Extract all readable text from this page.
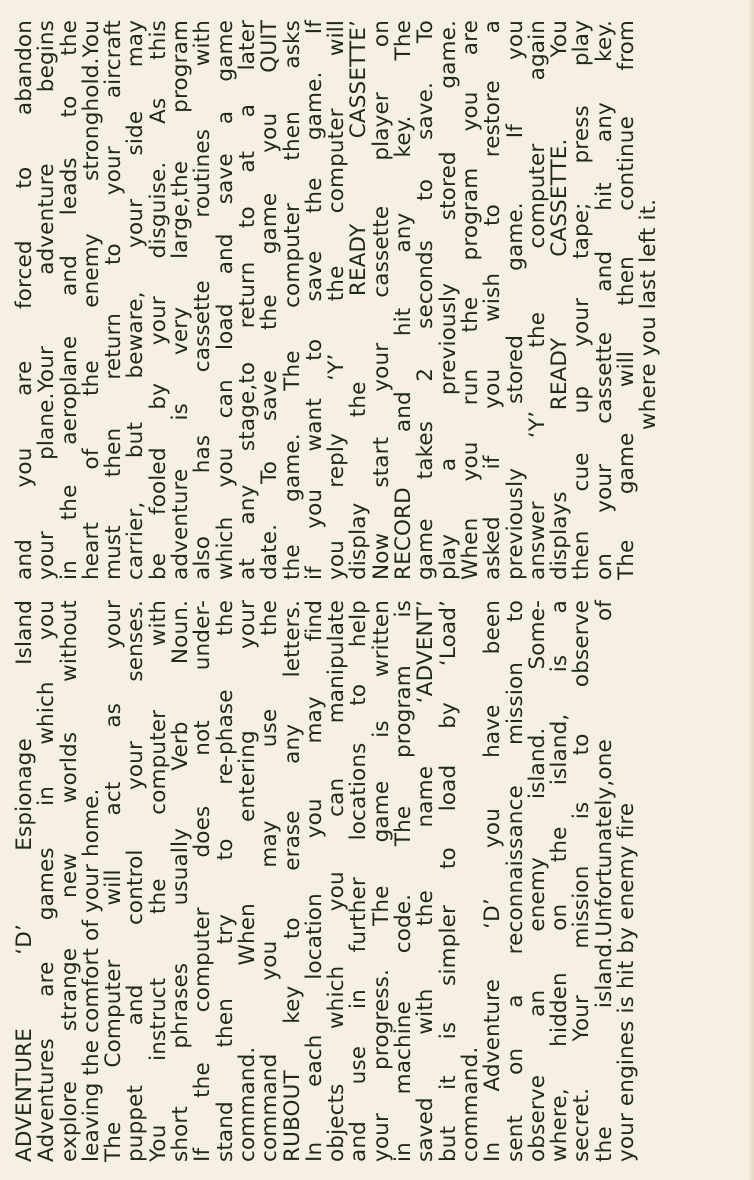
ADVENTURE ‘D’ Espionage Island
Adventures are games in which you
explore strange new worlds without
leaving the comfort of your home.
The Computer will act as your
puppet and control your senses.
You instruct the computer with
short phrases usually Verb Noun.
If the computer does not under-
stand then try to re-phase the
command. When entering your
command you may use the
RUBOUT key to erase any letters.
In each location you may find
objects which you can manipulate
and use in further locations to help
your progress. The game is written
in machine code. The program is
saved with the name ‘ADVENT’
but it is simpler to load by ‘Load’
command.
In Adventure ‘D’ you have been
sent on a reconnaissance mission to
observe an enemy island. Some-
where, hidden on the island, is a
secret. Your mission is to observe
the island.Unfortunately,one of
your engines is hit by enemy fire
and you are forced to abandon
your plane.Your adventure begins
in the aeroplane and leads to the
heart of the enemy stronghold.You
must then return to your aircraft
carrier, but beware, your side may
be fooled by your disguise. As this
adventure is very large,the program
also has cassette routines with
which you can load and save a game
at any stage,to return to at a later
date. To save the game you QUIT
the game. The computer then asks
if you want to save the game. If
you reply ‘Y’ the computer will
display the READY CASSETTE’
Now start your cassette player on
RECORD and hit any key. The
game takes 2 seconds to save. To
play a previously stored game.
When you run the program you are
asked if you wish to restore a
previously stored game. If you
answer ‘Y’ the computer again
displays READY CASSETTE. You
then cue up your tape; press play
on your cassette and hit any key.
The game will then continue from
where you last left it.
